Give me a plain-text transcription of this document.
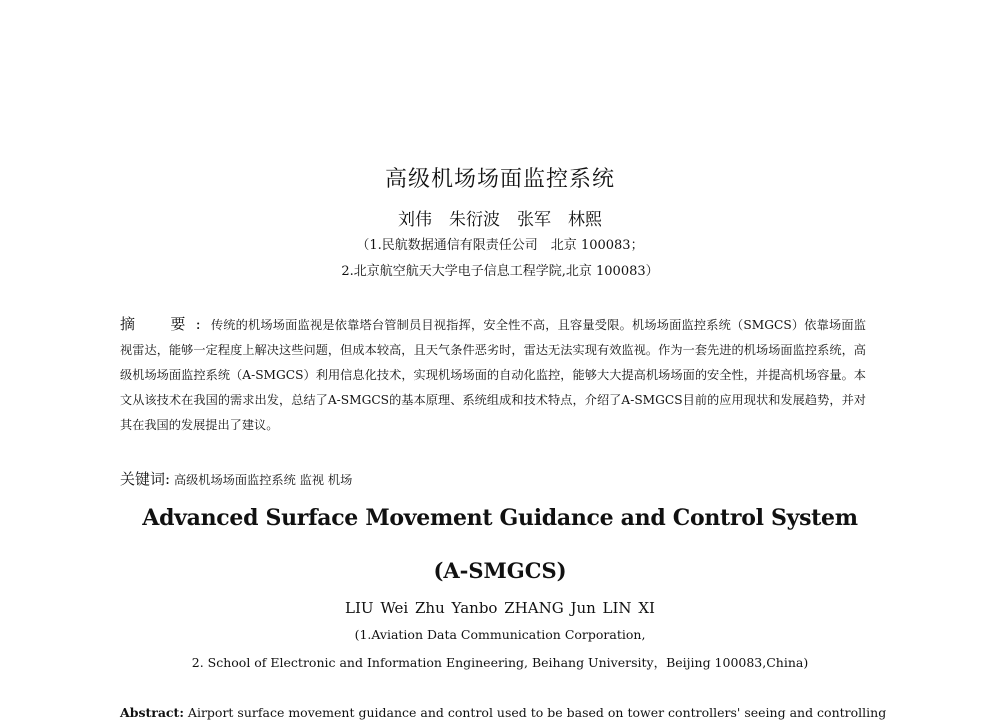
高级机场场面监控系统
刘伟　朱衍波　张军　林熙
（1.民航数据通信有限责任公司　北京 100083；
2.北京航空航天大学电子信息工程学院,北京 100083）
摘　要:传统的机场场面监视是依靠塔台管制员目视指挥，安全性不高，且容量受限。机场场面监控系统（SMGCS）依靠场面监视雷达，能够一定程度上解决这些问题，但成本较高，且天气条件恶劣时，雷达无法实现有效监视。作为一套先进的机场场面监控系统，高级机场场面监控系统（A-SMGCS）利用信息化技术，实现机场场面的自动化监控，能够大大提高机场场面的安全性，并提高机场容量。本文从该技术在我国的需求出发，总结了A-SMGCS的基本原理、系统组成和技术特点，介绍了A-SMGCS目前的应用现状和发展趋势，并对其在我国的发展提出了建议。
关键词: 高级机场场面监控系统 监视 机场
Advanced Surface Movement Guidance and Control System
(A-SMGCS)
LIU Wei Zhu Yanbo ZHANG Jun LIN XI
(1.Aviation Data Communication Corporation,
2. School of Electronic and Information Engineering, Beihang University，Beijing 100083,China)
Abstract: Airport surface movement guidance and control used to be based on tower controllers' seeing and controlling
